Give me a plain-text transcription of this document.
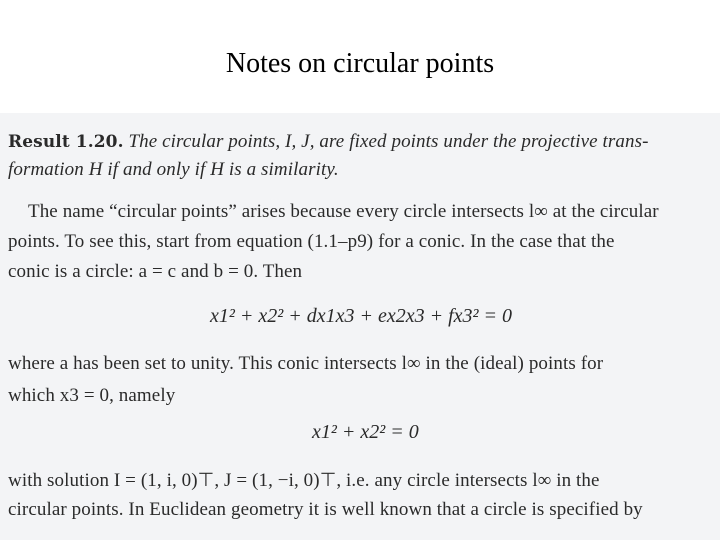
Notes on circular points
Result 1.20. The circular points, I, J, are fixed points under the projective trans-
formation H if and only if H is a similarity.
The name “circular points” arises because every circle intersects l∞ at the circular
points. To see this, start from equation (1.1–p9) for a conic. In the case that the
conic is a circle: a = c and b = 0. Then
x1² + x2² + dx1x3 + ex2x3 + fx3² = 0
where a has been set to unity. This conic intersects l∞ in the (ideal) points for
which x3 = 0, namely
x1² + x2² = 0
with solution I = (1, i, 0)⊤, J = (1, −i, 0)⊤, i.e. any circle intersects l∞ in the
circular points. In Euclidean geometry it is well known that a circle is specified by
